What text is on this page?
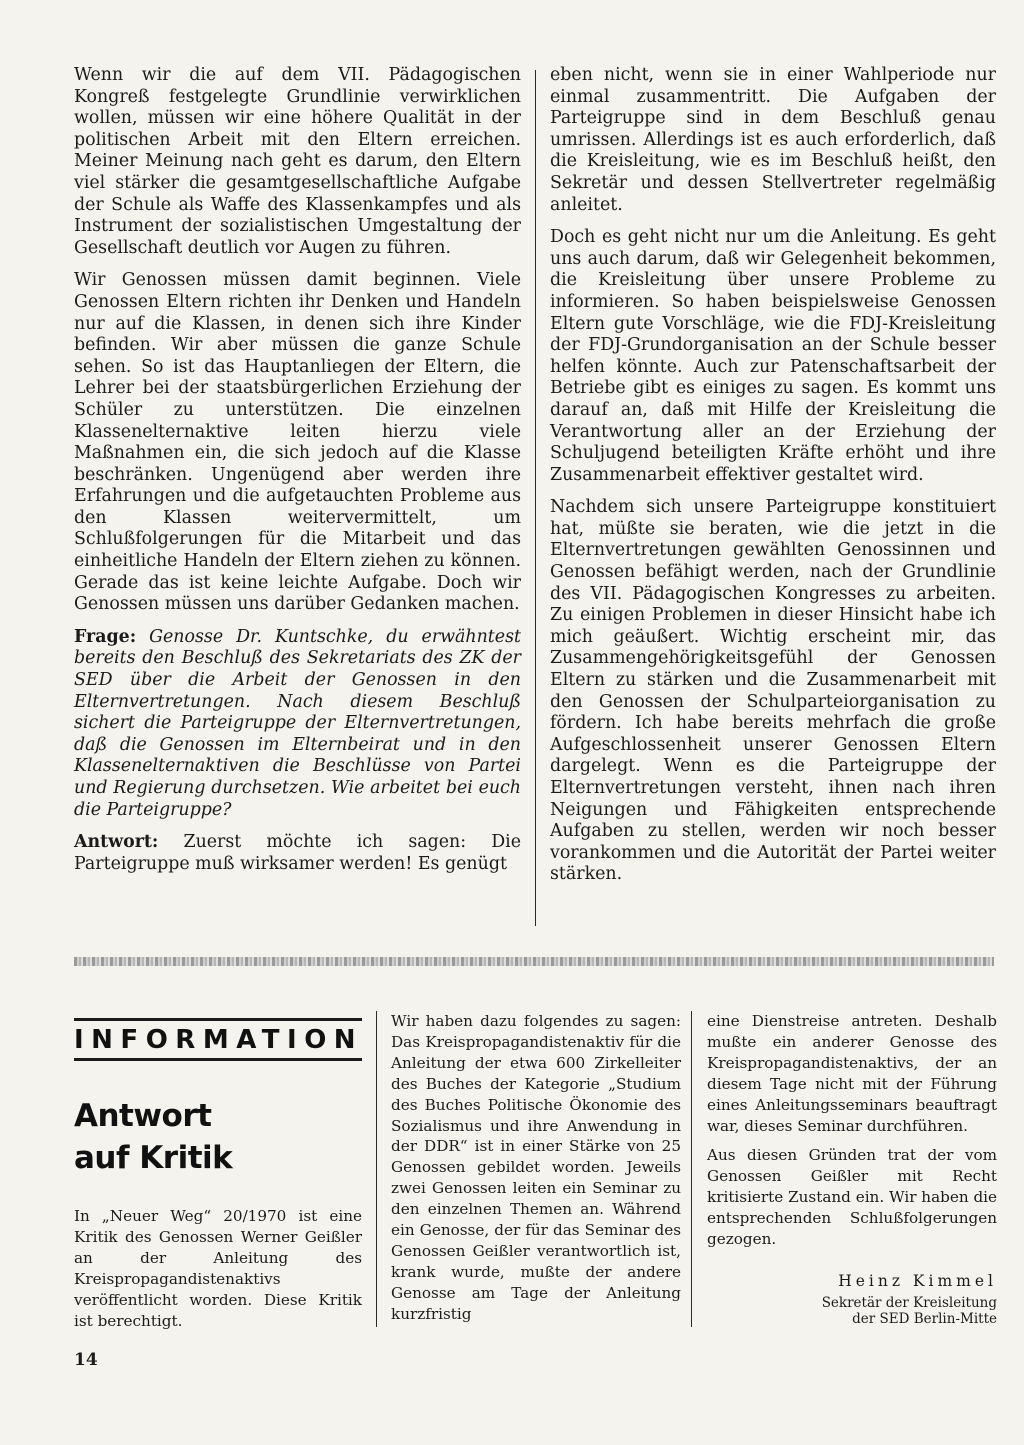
Wenn wir die auf dem VII. Pädagogischen Kongreß festgelegte Grundlinie verwirklichen wollen, müssen wir eine höhere Qualität in der politischen Arbeit mit den Eltern erreichen. Meiner Meinung nach geht es darum, den Eltern viel stärker die gesamtgesellschaftliche Aufgabe der Schule als Waffe des Klassenkampfes und als Instrument der sozialistischen Umgestaltung der Gesellschaft deutlich vor Augen zu führen.

Wir Genossen müssen damit beginnen. Viele Genossen Eltern richten ihr Denken und Handeln nur auf die Klassen, in denen sich ihre Kinder befinden. Wir aber müssen die ganze Schule sehen. So ist das Hauptanliegen der Eltern, die Lehrer bei der staatsbürgerlichen Erziehung der Schüler zu unterstützen. Die einzelnen Klassenelternaktive leiten hierzu viele Maßnahmen ein, die sich jedoch auf die Klasse beschränken. Ungenügend aber werden ihre Erfahrungen und die aufgetauchten Probleme aus den Klassen weitervermittelt, um Schlußfolgerungen für die Mitarbeit und das einheitliche Handeln der Eltern ziehen zu können. Gerade das ist keine leichte Aufgabe. Doch wir Genossen müssen uns darüber Gedanken machen.

Frage: Genosse Dr. Kuntschke, du erwähntest bereits den Beschluß des Sekretariats des ZK der SED über die Arbeit der Genossen in den Elternvertretungen. Nach diesem Beschluß sichert die Parteigruppe der Elternvertretungen, daß die Genossen im Elternbeirat und in den Klassenelternaktiven die Beschlüsse von Partei und Regierung durchsetzen. Wie arbeitet bei euch die Parteigruppe?

Antwort: Zuerst möchte ich sagen: Die Parteigruppe muß wirksamer werden! Es genügt

eben nicht, wenn sie in einer Wahlperiode nur einmal zusammentritt. Die Aufgaben der Parteigruppe sind in dem Beschluß genau umrissen. Allerdings ist es auch erforderlich, daß die Kreisleitung, wie es im Beschluß heißt, den Sekretär und dessen Stellvertreter regelmäßig anleitet.

Doch es geht nicht nur um die Anleitung. Es geht uns auch darum, daß wir Gelegenheit bekommen, die Kreisleitung über unsere Probleme zu informieren. So haben beispielsweise Genossen Eltern gute Vorschläge, wie die FDJ-Kreisleitung der FDJ-Grundorganisation an der Schule besser helfen könnte. Auch zur Patenschaftsarbeit der Betriebe gibt es einiges zu sagen. Es kommt uns darauf an, daß mit Hilfe der Kreisleitung die Verantwortung aller an der Erziehung der Schuljugend beteiligten Kräfte erhöht und ihre Zusammenarbeit effektiver gestaltet wird.

Nachdem sich unsere Parteigruppe konstituiert hat, müßte sie beraten, wie die jetzt in die Elternvertretungen gewählten Genossinnen und Genossen befähigt werden, nach der Grundlinie des VII. Pädagogischen Kongresses zu arbeiten. Zu einigen Problemen in dieser Hinsicht habe ich mich geäußert. Wichtig erscheint mir, das Zusammengehörigkeitsgefühl der Genossen Eltern zu stärken und die Zusammenarbeit mit den Genossen der Schulparteiorganisation zu fördern. Ich habe bereits mehrfach die große Aufgeschlossenheit unserer Genossen Eltern dargelegt. Wenn es die Parteigruppe der Elternvertretungen versteht, ihnen nach ihren Neigungen und Fähigkeiten entsprechende Aufgaben zu stellen, werden wir noch besser vorankommen und die Autorität der Partei weiter stärken.

INFORMATION
Antwort
auf Kritik

In „Neuer Weg“ 20/1970 ist eine Kritik des Genossen Werner Geißler an der Anleitung des Kreispropagandistenaktivs veröffentlicht worden. Diese Kritik ist berechtigt.

Wir haben dazu folgendes zu sagen: Das Kreispropagandistenaktiv für die Anleitung der etwa 600 Zirkelleiter des Buches der Kategorie „Studium des Buches Politische Ökonomie des Sozialismus und ihre Anwendung in der DDR“ ist in einer Stärke von 25 Genossen gebildet worden. Jeweils zwei Genossen leiten ein Seminar zu den einzelnen Themen an. Während ein Genosse, der für das Seminar des Genossen Geißler verantwortlich ist, krank wurde, mußte der andere Genosse am Tage der Anleitung kurzfristig

eine Dienstreise antreten. Deshalb mußte ein anderer Genosse des Kreispropagandistenaktivs, der an diesem Tage nicht mit der Führung eines Anleitungsseminars beauftragt war, dieses Seminar durchführen.

Aus diesen Gründen trat der vom Genossen Geißler mit Recht kritisierte Zustand ein. Wir haben die entsprechenden Schlußfolgerungen gezogen.

Heinz Kimmel
Sekretär der Kreisleitung
der SED Berlin-Mitte
14
